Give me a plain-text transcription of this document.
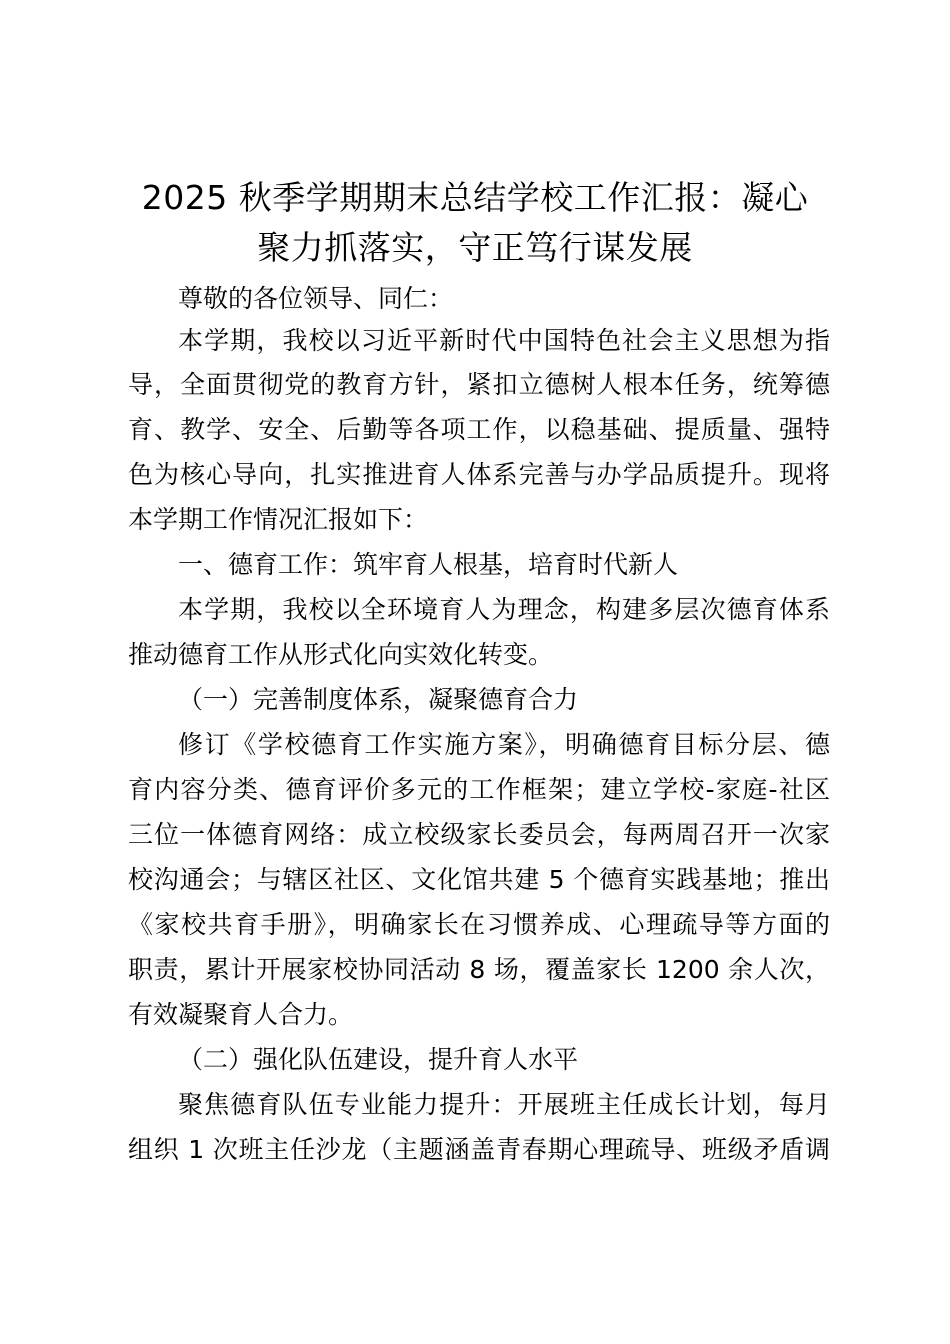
2025 秋季学期期末总结学校工作汇报：凝心
聚力抓落实，守正笃行谋发展
尊敬的各位领导、同仁：
本学期，我校以习近平新时代中国特色社会主义思想为指
导，全面贯彻党的教育方针，紧扣立德树人根本任务，统筹德
育、教学、安全、后勤等各项工作，以稳基础、提质量、强特
色为核心导向，扎实推进育人体系完善与办学品质提升。现将
本学期工作情况汇报如下：
一、德育工作：筑牢育人根基，培育时代新人
本学期，我校以全环境育人为理念，构建多层次德育体系
推动德育工作从形式化向实效化转变。
（一）完善制度体系，凝聚德育合力
修订《学校德育工作实施方案》，明确德育目标分层、德
育内容分类、德育评价多元的工作框架；建立学校-家庭-社区
三位一体德育网络：成立校级家长委员会，每两周召开一次家
校沟通会；与辖区社区、文化馆共建 5 个德育实践基地；推出
《家校共育手册》，明确家长在习惯养成、心理疏导等方面的
职责，累计开展家校协同活动 8 场，覆盖家长 1200 余人次，
有效凝聚育人合力。
（二）强化队伍建设，提升育人水平
聚焦德育队伍专业能力提升：开展班主任成长计划，每月
组织 1 次班主任沙龙（主题涵盖青春期心理疏导、班级矛盾调
